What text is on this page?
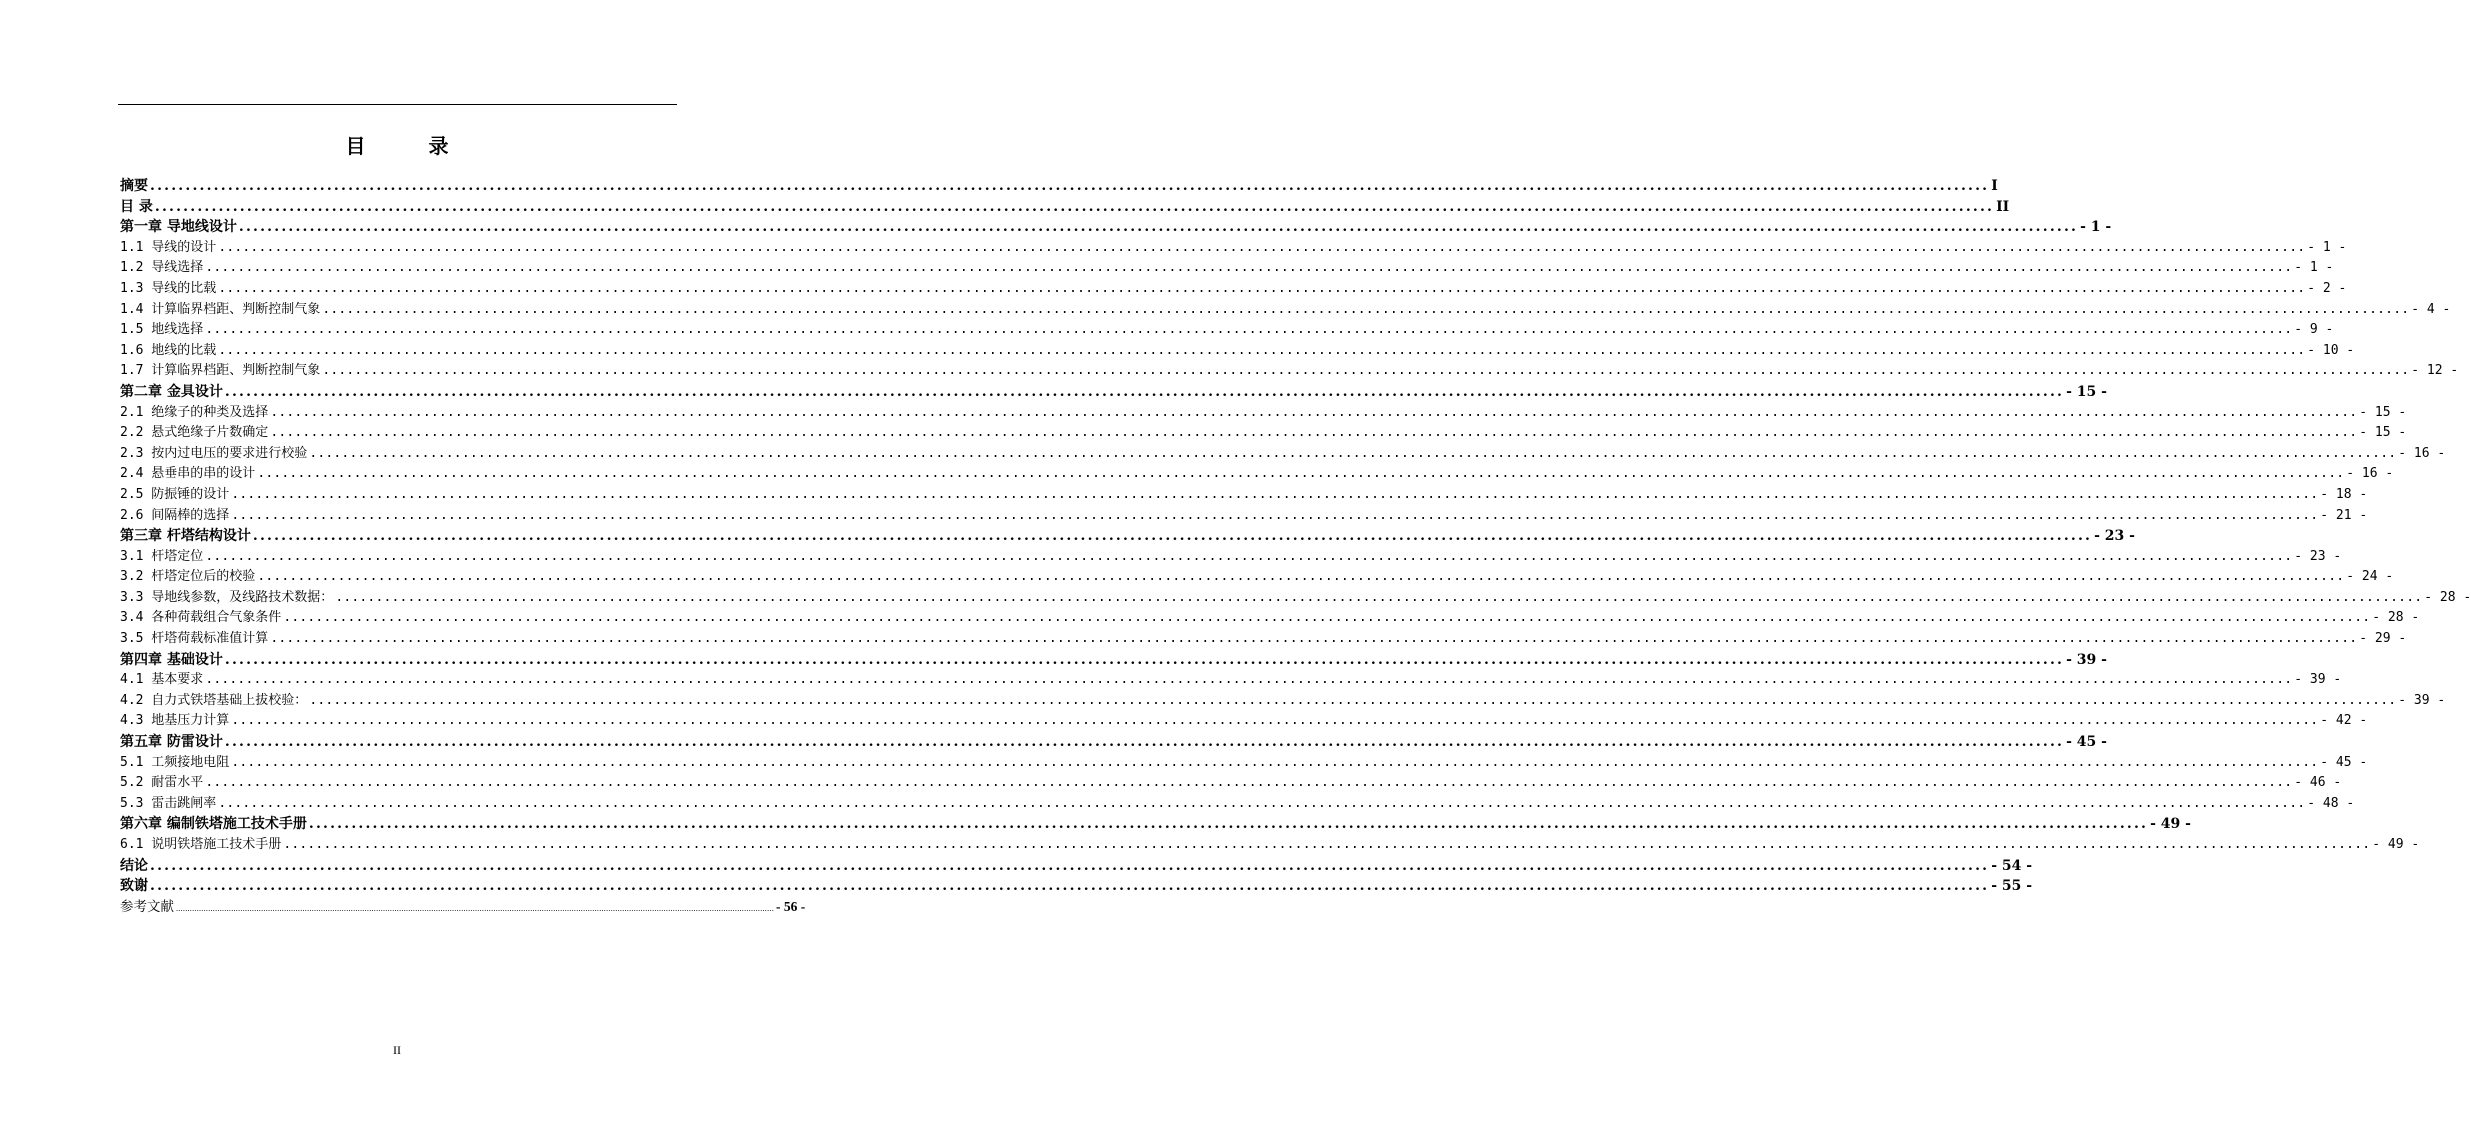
目 录
摘要 .................................................................................................................................................................................................................................................................... I
目 录 .................................................................................................................................................................................................................................................................... II
第一章 导地线设计 .................................................................................................................................................................................................................................................................... - 1 -
1.1 导线的设计 .................................................................................................................................................................................................................................................................... - 1 -
1.2 导线选择 .................................................................................................................................................................................................................................................................... - 1 -
1.3 导线的比载 .................................................................................................................................................................................................................................................................... - 2 -
1.4 计算临界档距、判断控制气象 .................................................................................................................................................................................................................................................................... - 4 -
1.5 地线选择 .................................................................................................................................................................................................................................................................... - 9 -
1.6 地线的比载 .................................................................................................................................................................................................................................................................... - 10 -
1.7 计算临界档距、判断控制气象 .................................................................................................................................................................................................................................................................... - 12 -
第二章 金具设计 .................................................................................................................................................................................................................................................................... - 15 -
2.1 绝缘子的种类及选择 .................................................................................................................................................................................................................................................................... - 15 -
2.2 悬式绝缘子片数确定 .................................................................................................................................................................................................................................................................... - 15 -
2.3 按内过电压的要求进行校验 .................................................................................................................................................................................................................................................................... - 16 -
2.4 悬垂串的串的设计 .................................................................................................................................................................................................................................................................... - 16 -
2.5 防振锤的设计 .................................................................................................................................................................................................................................................................... - 18 -
2.6 间隔棒的选择 .................................................................................................................................................................................................................................................................... - 21 -
第三章 杆塔结构设计 .................................................................................................................................................................................................................................................................... - 23 -
3.1 杆塔定位 .................................................................................................................................................................................................................................................................... - 23 -
3.2 杆塔定位后的校验 .................................................................................................................................................................................................................................................................... - 24 -
3.3 导地线参数，及线路技术数据： .................................................................................................................................................................................................................................................................... - 28 -
3.4 各种荷载组合气象条件 .................................................................................................................................................................................................................................................................... - 28 -
3.5 杆塔荷载标准值计算 .................................................................................................................................................................................................................................................................... - 29 -
第四章 基础设计 .................................................................................................................................................................................................................................................................... - 39 -
4.1 基本要求 .................................................................................................................................................................................................................................................................... - 39 -
4.2 自力式铁塔基础上拔校验： .................................................................................................................................................................................................................................................................... - 39 -
4.3 地基压力计算 .................................................................................................................................................................................................................................................................... - 42 -
第五章 防雷设计 .................................................................................................................................................................................................................................................................... - 45 -
5.1 工频接地电阻 .................................................................................................................................................................................................................................................................... - 45 -
5.2 耐雷水平 .................................................................................................................................................................................................................................................................... - 46 -
5.3 雷击跳闸率 .................................................................................................................................................................................................................................................................... - 48 -
第六章 编制铁塔施工技术手册 .................................................................................................................................................................................................................................................................... - 49 -
6.1 说明铁塔施工技术手册 .................................................................................................................................................................................................................................................................... - 49 -
结论 .................................................................................................................................................................................................................................................................... - 54 -
致谢 .................................................................................................................................................................................................................................................................... - 55 -
参考文献 .................................................................................................................................................................................................................................................................... - 56 -
II
